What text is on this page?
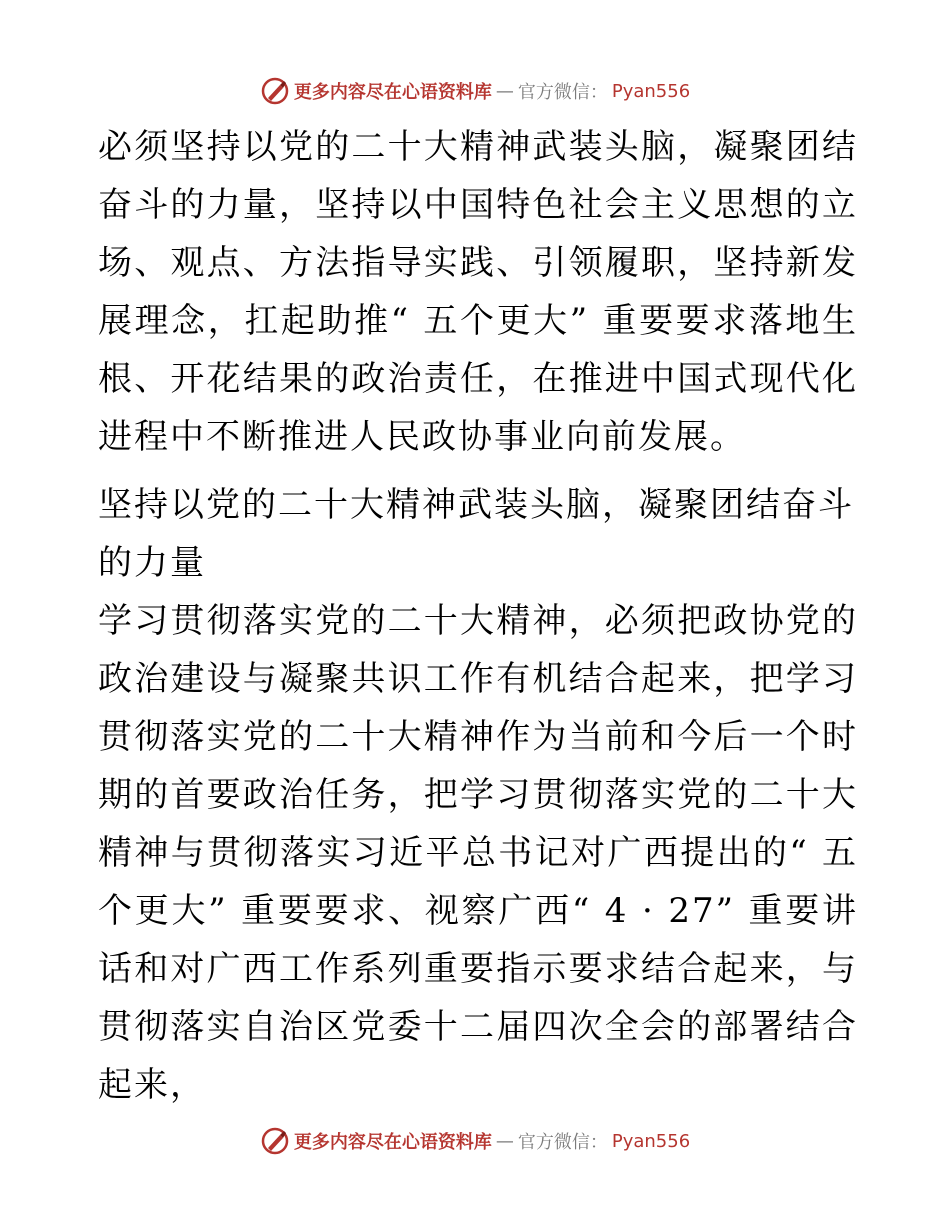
更多内容尽在心语资料库 — 官方微信： Pyan556

必须坚持以党的二十大精神武装头脑，凝聚团结奋斗的力量，坚持以中国特色社会主义思想的立场、观点、方法指导实践、引领履职，坚持新发展理念，扛起助推“ 五个更大” 重要要求落地生根、开花结果的政治责任，在推进中国式现代化进程中不断推进人民政协事业向前发展。

坚持以党的二十大精神武装头脑，凝聚团结奋斗的力量

学习贯彻落实党的二十大精神，必须把政协党的政治建设与凝聚共识工作有机结合起来，把学习贯彻落实党的二十大精神作为当前和今后一个时期的首要政治任务，把学习贯彻落实党的二十大精神与贯彻落实习近平总书记对广西提出的“ 五个更大” 重要要求、视察广西“ 4 · 27” 重要讲话和对广西工作系列重要指示要求结合起来，与贯彻落实自治区党委十二届四次全会的部署结合起来，

更多内容尽在心语资料库 — 官方微信： Pyan556
